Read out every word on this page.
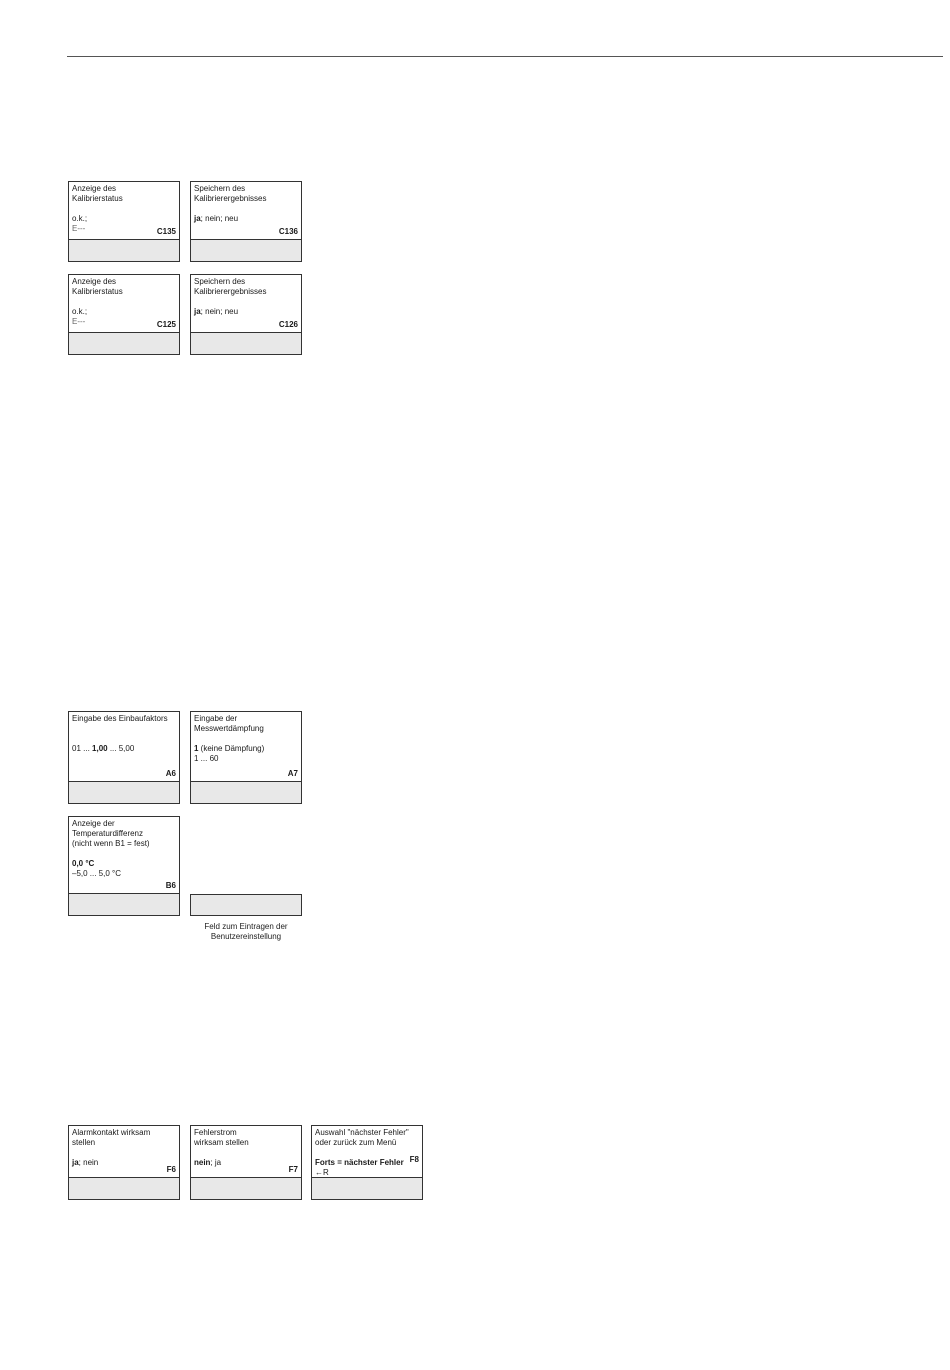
Anzeige des
Kalibrierstatus
o.k.;
E---	C135
Speichern des
Kalibrierergebnisses
ja; nein; neu
C136
Anzeige des
Kalibrierstatus
o.k.;
E---	C125
Speichern des
Kalibrierergebnisses
ja; nein; neu
C126
Eingabe des Einbaufaktors
01 ... 1,00 ... 5,00
A6
Eingabe der
Messwertdämpfung
1 (keine Dämpfung)
1 ... 60
A7
Anzeige der
Temperaturdifferenz
(nicht wenn B1 = fest)
0,0 °C
–5,0 ... 5,0 °C
B6
Feld zum Eintragen der
Benutzereinstellung
Alarmkontakt wirksam
stellen
ja; nein
F6
Fehlerstrom
wirksam stellen
nein; ja
F7
Auswahl "nächster Fehler"
oder zurück zum Menü
Forts = nächster Fehler
←R
F8
